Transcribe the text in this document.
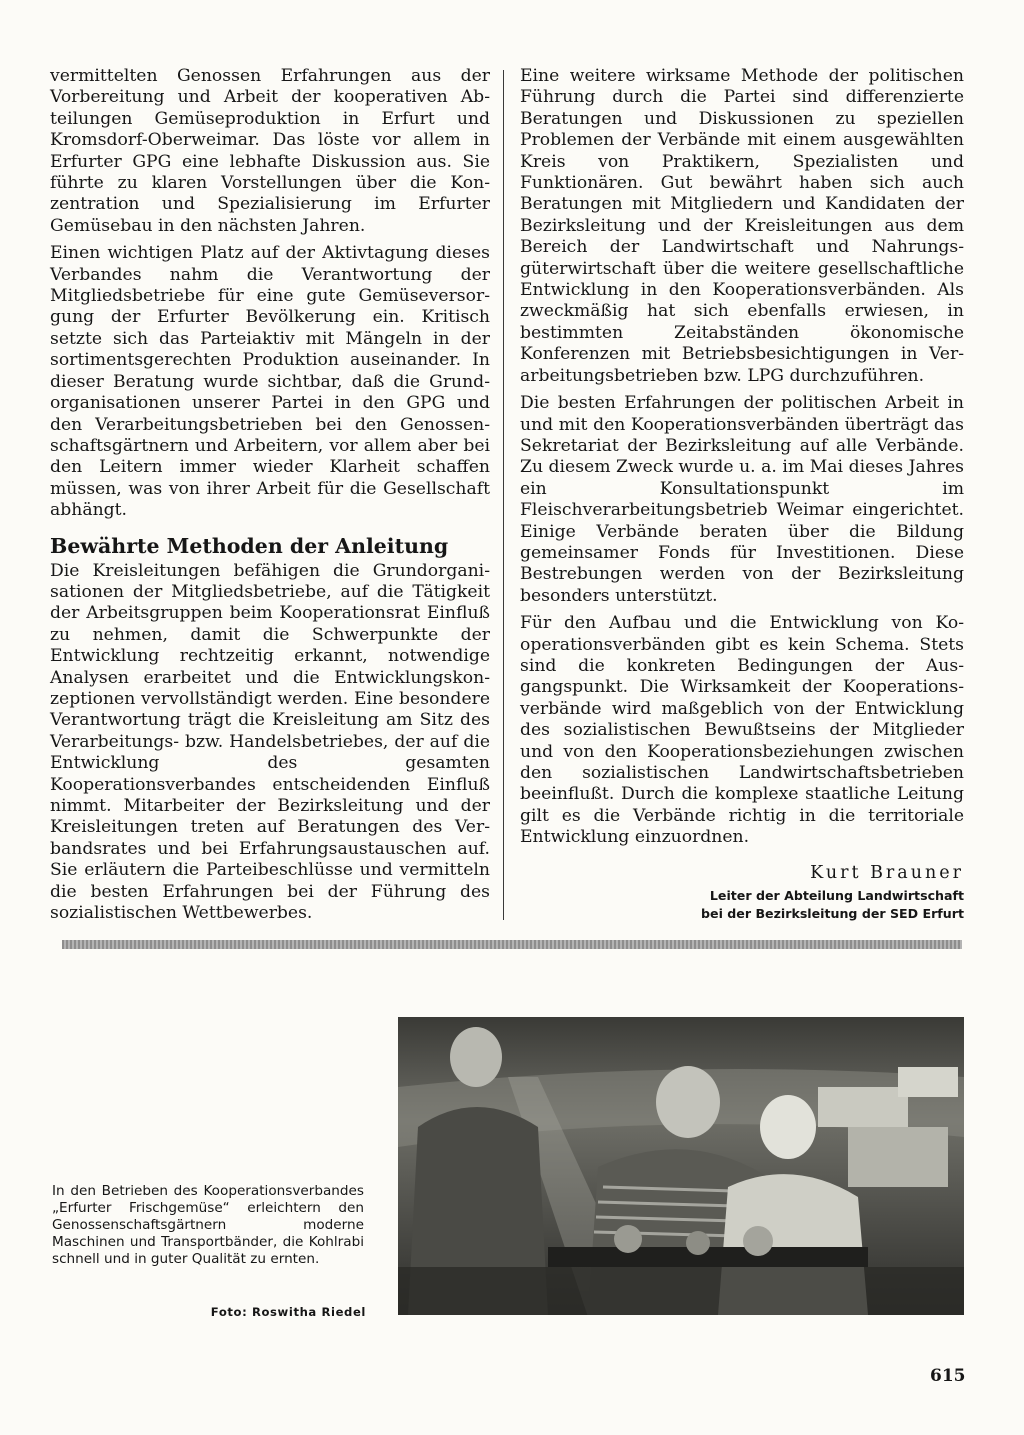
vermittelten Genossen Erfahrungen aus der Vorbereitung und Arbeit der kooperativen Abteilungen Gemüseproduktion in Erfurt und Kromsdorf-Oberweimar. Das löste vor allem in Erfurter GPG eine lebhafte Diskussion aus. Sie führte zu klaren Vorstellungen über die Konzentration und Spezialisierung im Erfurter Gemüsebau in den nächsten Jahren.

Einen wichtigen Platz auf der Aktivtagung dieses Verbandes nahm die Verantwortung der Mitgliedsbetriebe für eine gute Gemüseversorgung der Erfurter Bevölkerung ein. Kritisch setzte sich das Parteiaktiv mit Mängeln in der sortimentsgerechten Produktion auseinander. In dieser Beratung wurde sichtbar, daß die Grundorganisationen unserer Partei in den GPG und den Verarbeitungsbetrieben bei den Genossenschaftsgärtnern und Arbeitern, vor allem aber bei den Leitern immer wieder Klarheit schaffen müssen, was von ihrer Arbeit für die Gesellschaft abhängt.

Bewährte Methoden der Anleitung

Die Kreisleitungen befähigen die Grundorganisationen der Mitgliedsbetriebe, auf die Tätigkeit der Arbeitsgruppen beim Kooperationsrat Einfluß zu nehmen, damit die Schwerpunkte der Entwicklung rechtzeitig erkannt, notwendige Analysen erarbeitet und die Entwicklungskonzeptionen vervollständigt werden. Eine besondere Verantwortung trägt die Kreisleitung am Sitz des Verarbeitungs- bzw. Handelsbetriebes, der auf die Entwicklung des gesamten Kooperationsverbandes entscheidenden Einfluß nimmt. Mitarbeiter der Bezirksleitung und der Kreisleitungen treten auf Beratungen des Verbandsrates und bei Erfahrungsaustauschen auf. Sie erläutern die Parteibeschlüsse und vermitteln die besten Erfahrungen bei der Führung des sozialistischen Wettbewerbes.

Eine weitere wirksame Methode der politischen Führung durch die Partei sind differenzierte Beratungen und Diskussionen zu speziellen Problemen der Verbände mit einem ausgewählten Kreis von Praktikern, Spezialisten und Funktionären. Gut bewährt haben sich auch Beratungen mit Mitgliedern und Kandidaten der Bezirksleitung und der Kreisleitungen aus dem Bereich der Landwirtschaft und Nahrungsgüterwirtschaft über die weitere gesellschaftliche Entwicklung in den Kooperationsverbänden. Als zweckmäßig hat sich ebenfalls erwiesen, in bestimmten Zeitabständen ökonomische Konferenzen mit Betriebsbesichtigungen in Verarbeitungsbetrieben bzw. LPG durchzuführen.

Die besten Erfahrungen der politischen Arbeit in und mit den Kooperationsverbänden überträgt das Sekretariat der Bezirksleitung auf alle Verbände. Zu diesem Zweck wurde u. a. im Mai dieses Jahres ein Konsultationspunkt im Fleischverarbeitungsbetrieb Weimar eingerichtet. Einige Verbände beraten über die Bildung gemeinsamer Fonds für Investitionen. Diese Bestrebungen werden von der Bezirksleitung besonders unterstützt.

Für den Aufbau und die Entwicklung von Kooperationsverbänden gibt es kein Schema. Stets sind die konkreten Bedingungen der Ausgangspunkt. Die Wirksamkeit der Kooperationsverbände wird maßgeblich von der Entwicklung des sozialistischen Bewußtseins der Mitglieder und von den Kooperationsbeziehungen zwischen den sozialistischen Landwirtschaftsbetrieben beeinflußt. Durch die komplexe staatliche Leitung gilt es die Verbände richtig in die territoriale Entwicklung einzuordnen.

Kurt Brauner
Leiter der Abteilung Landwirtschaft
bei der Bezirksleitung der SED Erfurt
In den Betrieben des Kooperationsverbandes „Erfurter Frischgemüse“ erleichtern den Genossenschaftsgärtnern moderne Maschinen und Transportbänder, die Kohlrabi schnell und in guter Qualität zu ernten.
Foto: Roswitha Riedel
615
